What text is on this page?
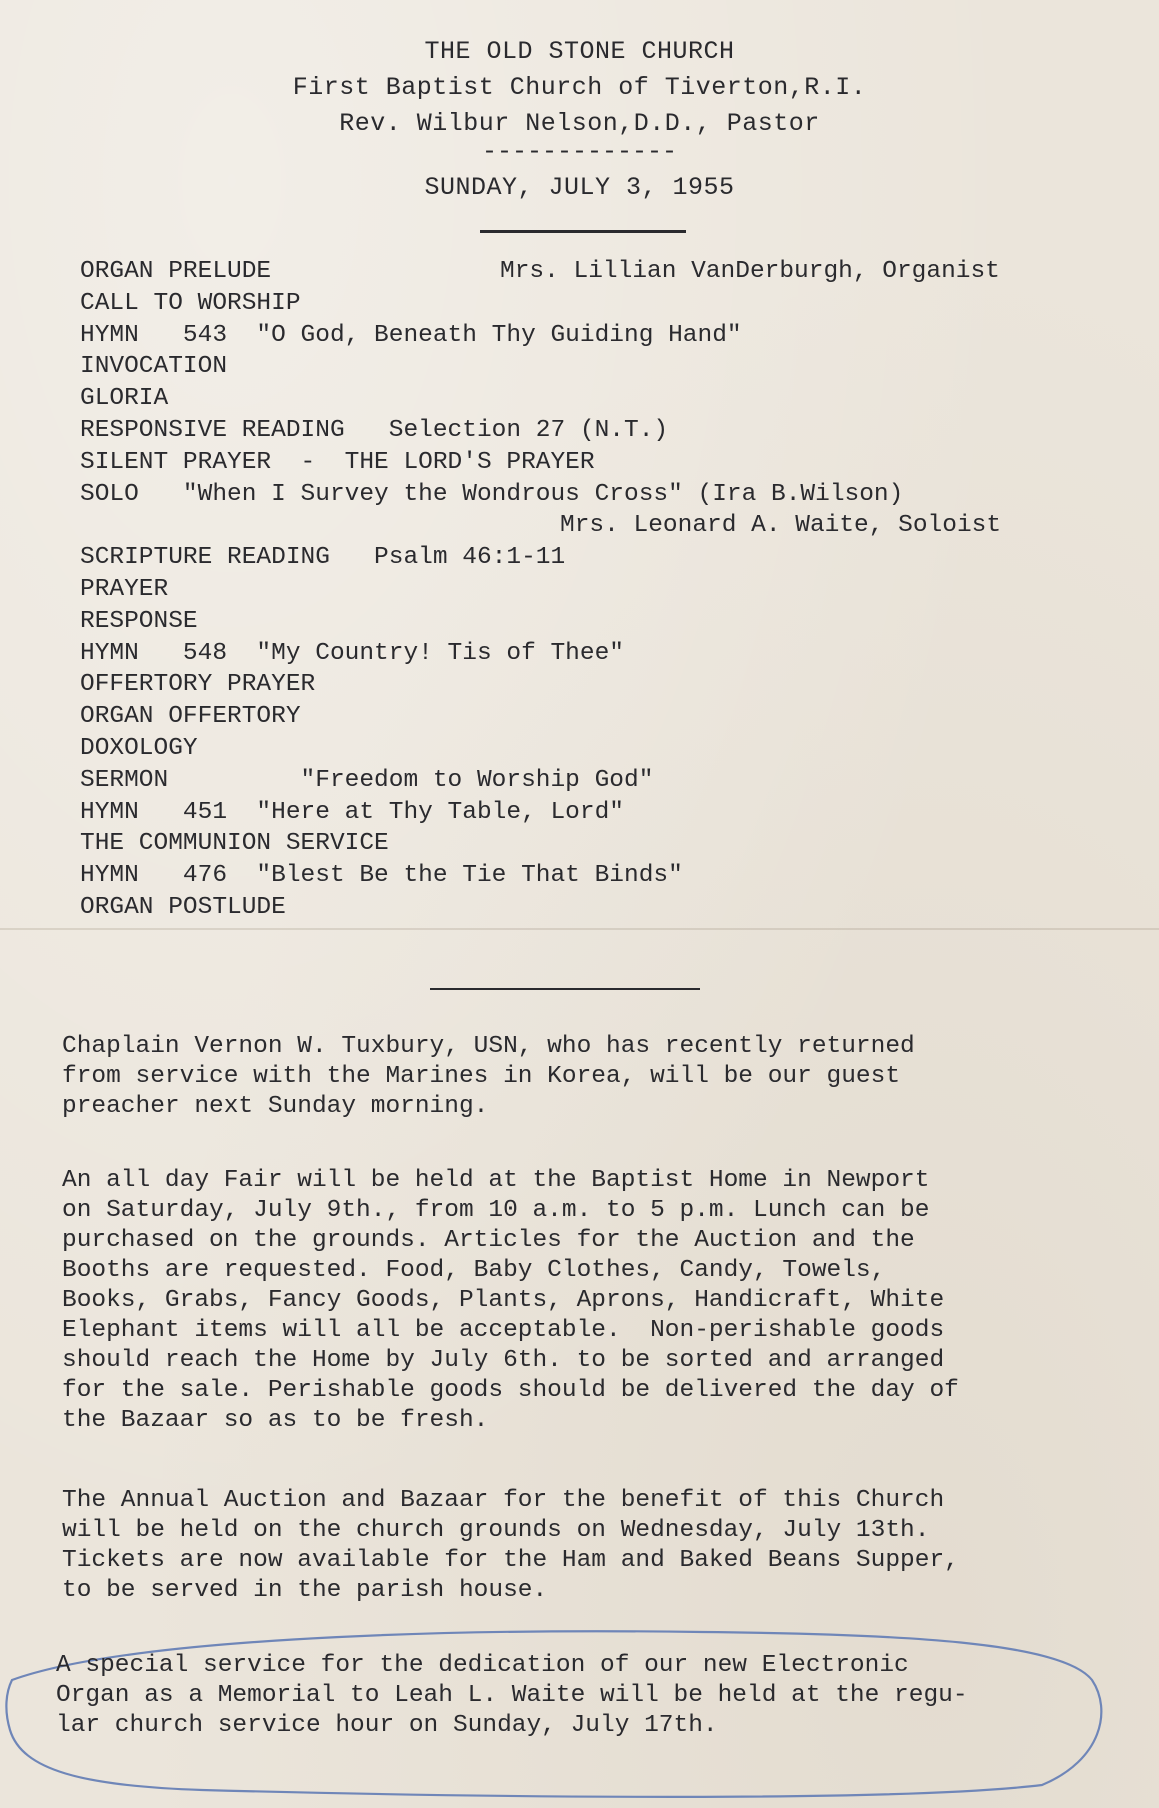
THE OLD STONE CHURCH
First Baptist Church of Tiverton,R.I.
Rev. Wilbur Nelson,D.D., Pastor
-------------
SUNDAY, JULY 3, 1955
ORGAN PRELUDE	Mrs. Lillian VanDerburgh, Organist
CALL TO WORSHIP
HYMN   543  "O God, Beneath Thy Guiding Hand"
INVOCATION
GLORIA
RESPONSIVE READING   Selection 27 (N.T.)
SILENT PRAYER  -  THE LORD'S PRAYER
SOLO   "When I Survey the Wondrous Cross" (Ira B.Wilson)
Mrs. Leonard A. Waite, Soloist
SCRIPTURE READING   Psalm 46:1-11
PRAYER
RESPONSE
HYMN   548  "My Country! Tis of Thee"
OFFERTORY PRAYER
ORGAN OFFERTORY
DOXOLOGY
SERMON         "Freedom to Worship God"
HYMN   451  "Here at Thy Table, Lord"
THE COMMUNION SERVICE
HYMN   476  "Blest Be the Tie That Binds"
ORGAN POSTLUDE
Chaplain Vernon W. Tuxbury, USN, who has recently returned
from service with the Marines in Korea, will be our guest
preacher next Sunday morning.
An all day Fair will be held at the Baptist Home in Newport
on Saturday, July 9th., from 10 a.m. to 5 p.m. Lunch can be
purchased on the grounds. Articles for the Auction and the
Booths are requested. Food, Baby Clothes, Candy, Towels,
Books, Grabs, Fancy Goods, Plants, Aprons, Handicraft, White
Elephant items will all be acceptable.  Non-perishable goods
should reach the Home by July 6th. to be sorted and arranged
for the sale. Perishable goods should be delivered the day of
the Bazaar so as to be fresh.
The Annual Auction and Bazaar for the benefit of this Church
will be held on the church grounds on Wednesday, July 13th.
Tickets are now available for the Ham and Baked Beans Supper,
to be served in the parish house.
A special service for the dedication of our new Electronic
Organ as a Memorial to Leah L. Waite will be held at the regu-
lar church service hour on Sunday, July 17th.
